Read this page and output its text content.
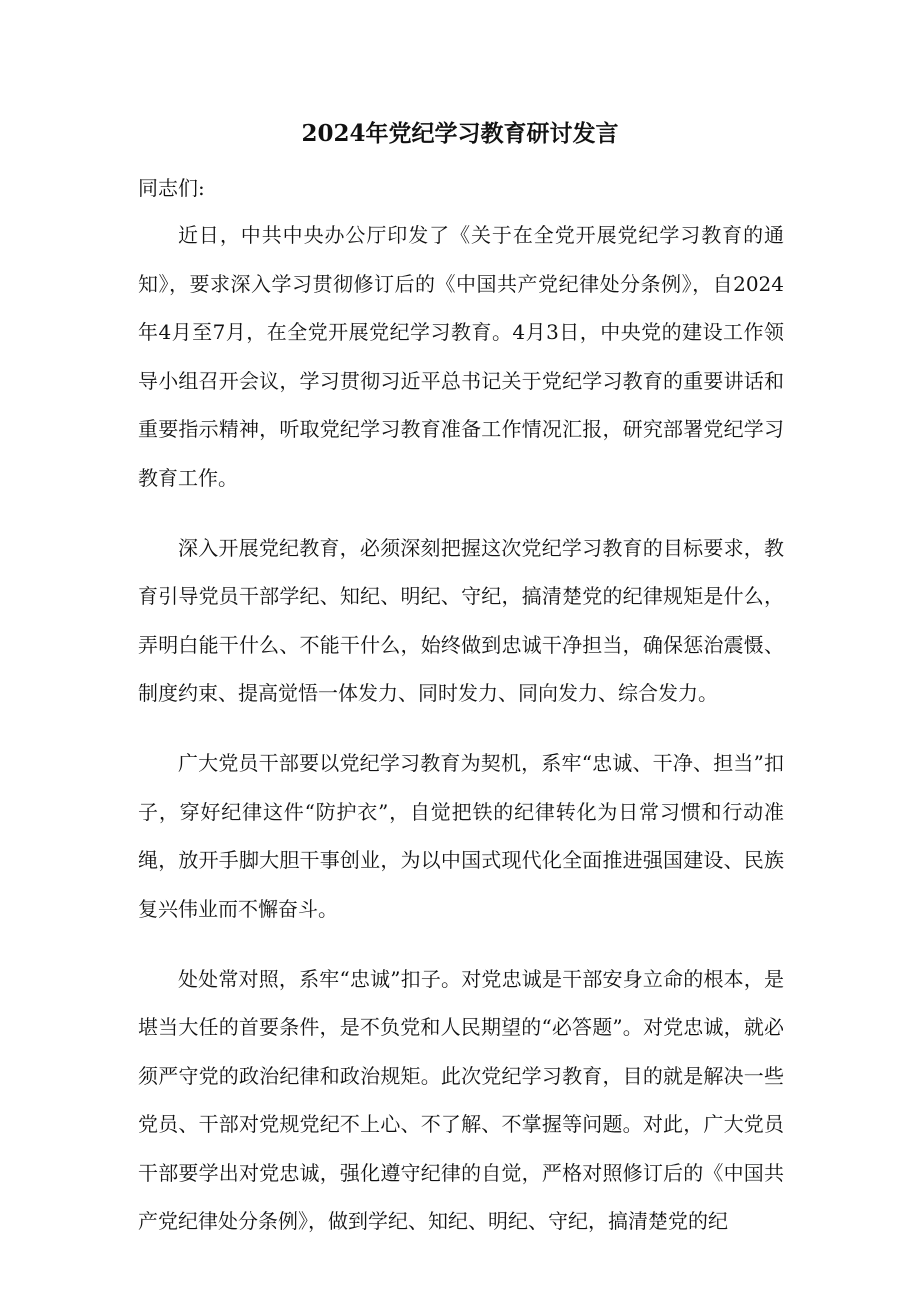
2024年党纪学习教育研讨发言

同志们:

近日，中共中央办公厅印发了《关于在全党开展党纪学习教育的通知》，要求深入学习贯彻修订后的《中国共产党纪律处分条例》，自2024年4月至7月，在全党开展党纪学习教育。4月3日，中央党的建设工作领导小组召开会议，学习贯彻习近平总书记关于党纪学习教育的重要讲话和重要指示精神，听取党纪学习教育准备工作情况汇报，研究部署党纪学习教育工作。

深入开展党纪教育，必须深刻把握这次党纪学习教育的目标要求，教育引导党员干部学纪、知纪、明纪、守纪，搞清楚党的纪律规矩是什么，弄明白能干什么、不能干什么，始终做到忠诚干净担当，确保惩治震慑、制度约束、提高觉悟一体发力、同时发力、同向发力、综合发力。

广大党员干部要以党纪学习教育为契机，系牢“忠诚、干净、担当”扣子，穿好纪律这件“防护衣”，自觉把铁的纪律转化为日常习惯和行动准绳，放开手脚大胆干事创业，为以中国式现代化全面推进强国建设、民族复兴伟业而不懈奋斗。

处处常对照，系牢“忠诚”扣子。对党忠诚是干部安身立命的根本，是堪当大任的首要条件，是不负党和人民期望的“必答题”。对党忠诚，就必须严守党的政治纪律和政治规矩。此次党纪学习教育，目的就是解决一些党员、干部对党规党纪不上心、不了解、不掌握等问题。对此，广大党员干部要学出对党忠诚，强化遵守纪律的自觉，严格对照修订后的《中国共产党纪律处分条例》，做到学纪、知纪、明纪、守纪，搞清楚党的纪
